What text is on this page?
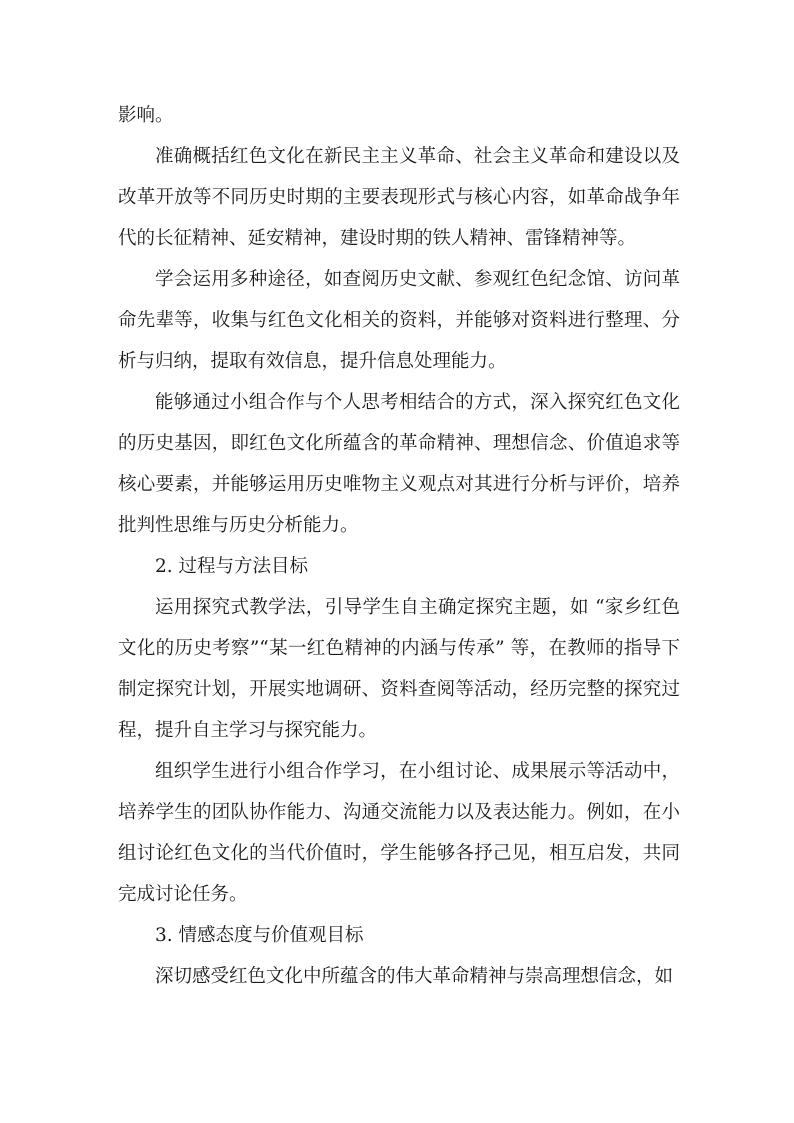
影响。

准确概括红色文化在新民主主义革命、社会主义革命和建设以及改革开放等不同历史时期的主要表现形式与核心内容，如革命战争年代的长征精神、延安精神，建设时期的铁人精神、雷锋精神等。

学会运用多种途径，如查阅历史文献、参观红色纪念馆、访问革命先辈等，收集与红色文化相关的资料，并能够对资料进行整理、分析与归纳，提取有效信息，提升信息处理能力。

能够通过小组合作与个人思考相结合的方式，深入探究红色文化的历史基因，即红色文化所蕴含的革命精神、理想信念、价值追求等核心要素，并能够运用历史唯物主义观点对其进行分析与评价，培养批判性思维与历史分析能力。

2. 过程与方法目标

运用探究式教学法，引导学生自主确定探究主题，如 “家乡红色文化的历史考察”“某一红色精神的内涵与传承” 等，在教师的指导下制定探究计划，开展实地调研、资料查阅等活动，经历完整的探究过程，提升自主学习与探究能力。

组织学生进行小组合作学习，在小组讨论、成果展示等活动中，培养学生的团队协作能力、沟通交流能力以及表达能力。例如，在小组讨论红色文化的当代价值时，学生能够各抒己见，相互启发，共同完成讨论任务。

3. 情感态度与价值观目标

深切感受红色文化中所蕴含的伟大革命精神与崇高理想信念，如
